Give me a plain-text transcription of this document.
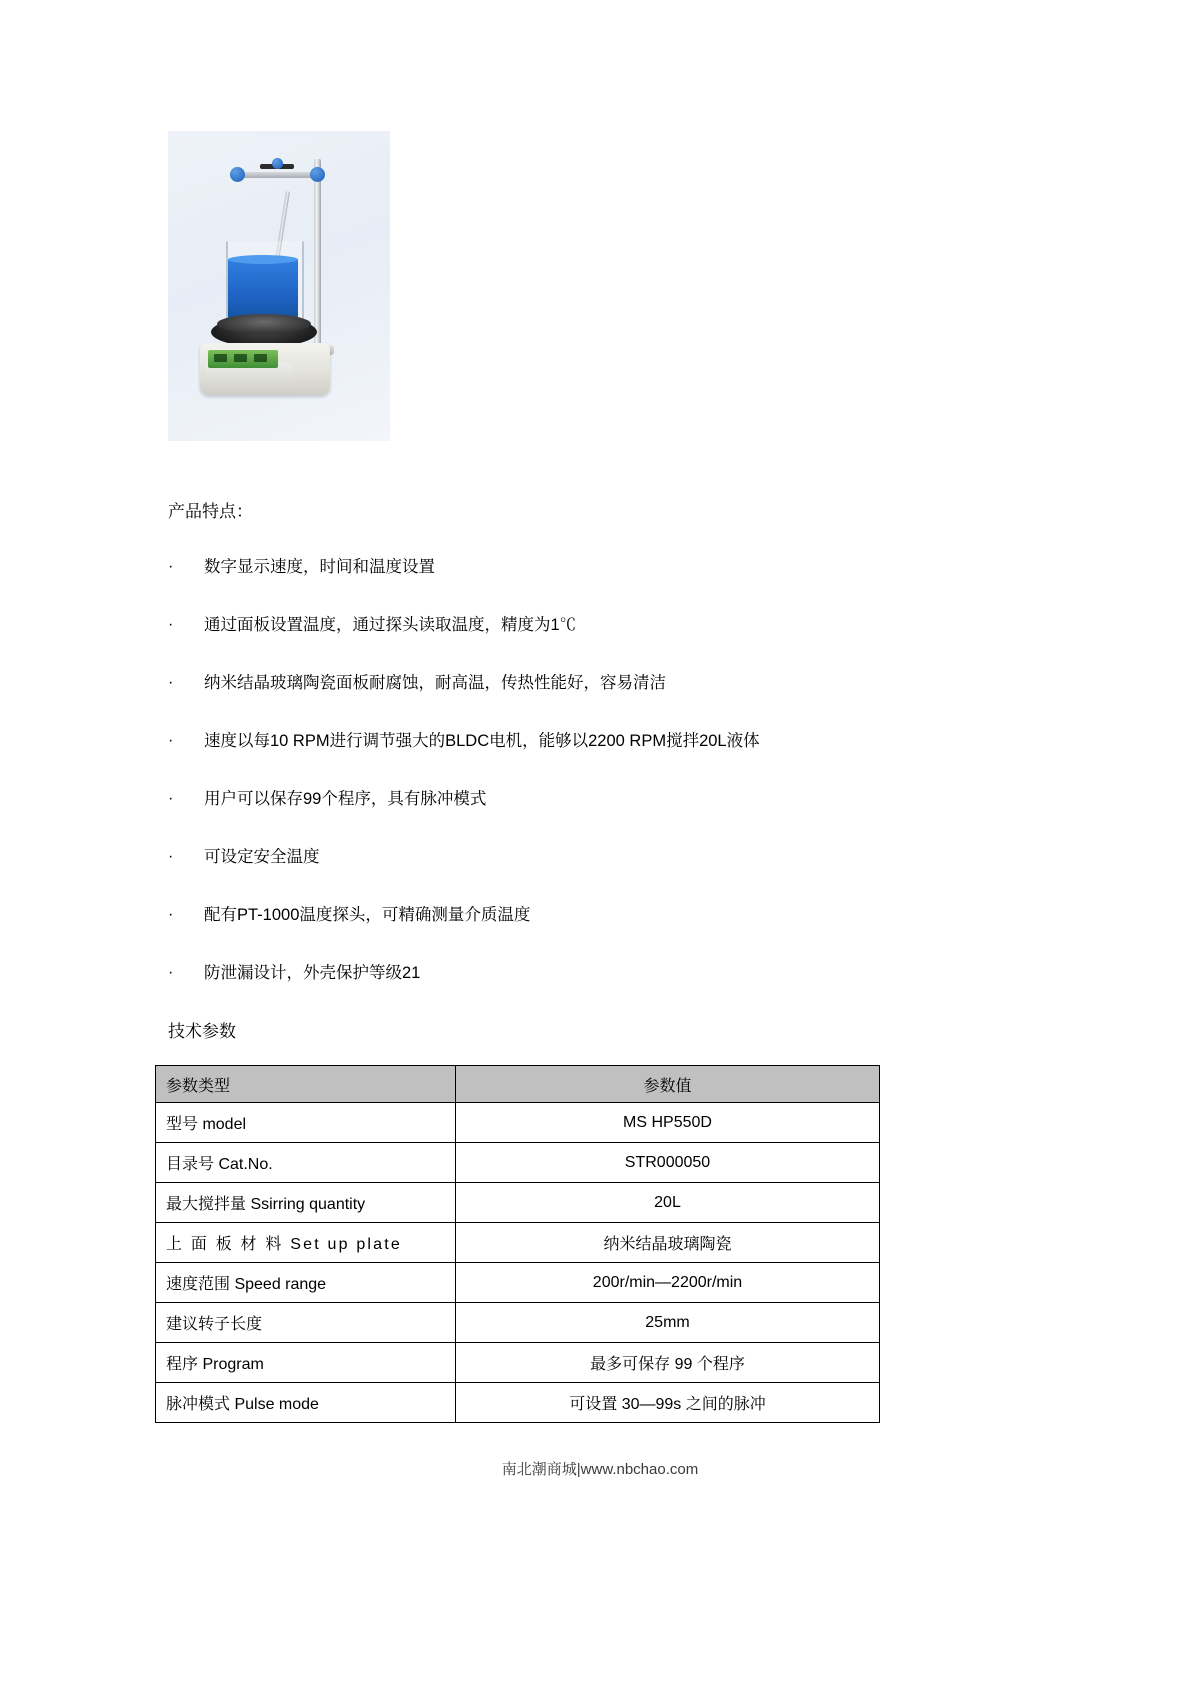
产品特点：
·	数字显示速度，时间和温度设置
·	通过面板设置温度，通过探头读取温度，精度为1℃
·	纳米结晶玻璃陶瓷面板耐腐蚀，耐高温，传热性能好，容易清洁
·	速度以每10 RPM进行调节强大的BLDC电机，能够以2200 RPM搅拌20L液体
·	用户可以保存99个程序，具有脉冲模式
·	可设定安全温度
·	配有PT-1000温度探头，可精确测量介质温度
·	防泄漏设计，外壳保护等级21
技术参数
参数类型	参数值
型号 model	MS HP550D
目录号 Cat.No.	STR000050
最大搅拌量 Ssirring quantity	20L
上 面 板 材 料 Set up plate	纳米结晶玻璃陶瓷
速度范围 Speed range	200r/min—2200r/min
建议转子长度	25mm
程序 Program	最多可保存 99 个程序
脉冲模式 Pulse mode	可设置 30—99s 之间的脉冲
南北潮商城|www.nbchao.com
